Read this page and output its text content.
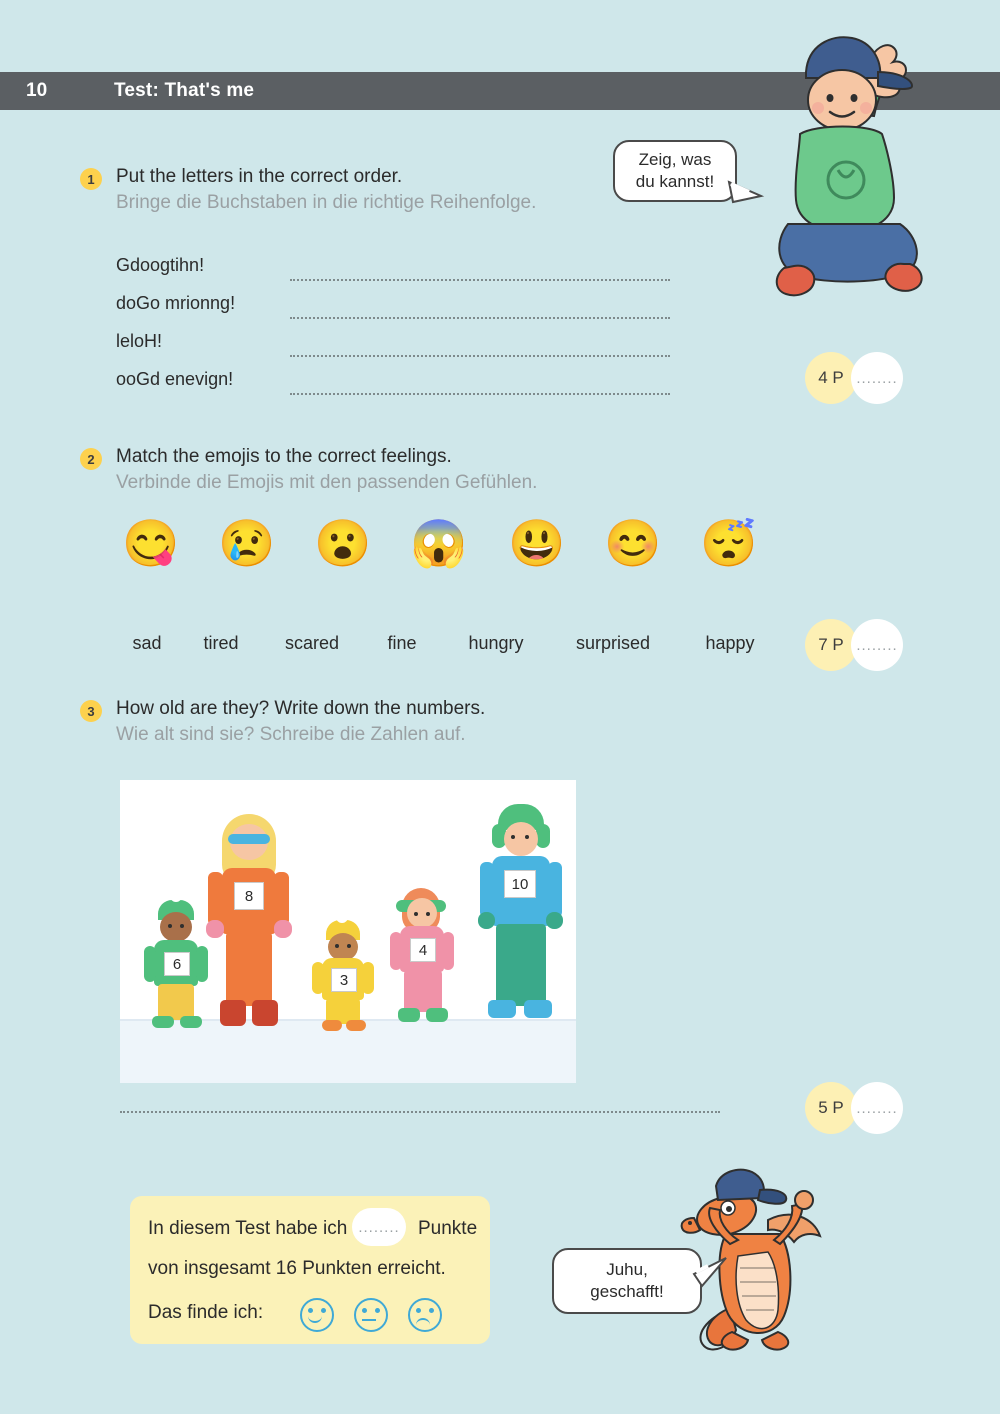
10	Test: That's me
Zeig, was
du kannst!
1	Put the letters in the correct order.
Bringe die Buchstaben in die richtige Reihenfolge.
Gdoogtihn!
doGo mrionng!
leloH!
ooGd enevign!	4 P ........
2	Match the emojis to the correct feelings.
Verbinde die Emojis mit den passenden Gefühlen.
😋 😢 😮 😱 😃 😊 😴
sad	tired	scared	fine	hungry	surprised	happy	7 P ........
3	How old are they? Write down the numbers.
Wie alt sind sie? Schreibe die Zahlen auf.
6
8
3
4
10
5 P ........
In diesem Test habe ich ........ Punkte
von insgesamt 16 Punkten erreicht.
Das finde ich:
Juhu,
geschafft!
